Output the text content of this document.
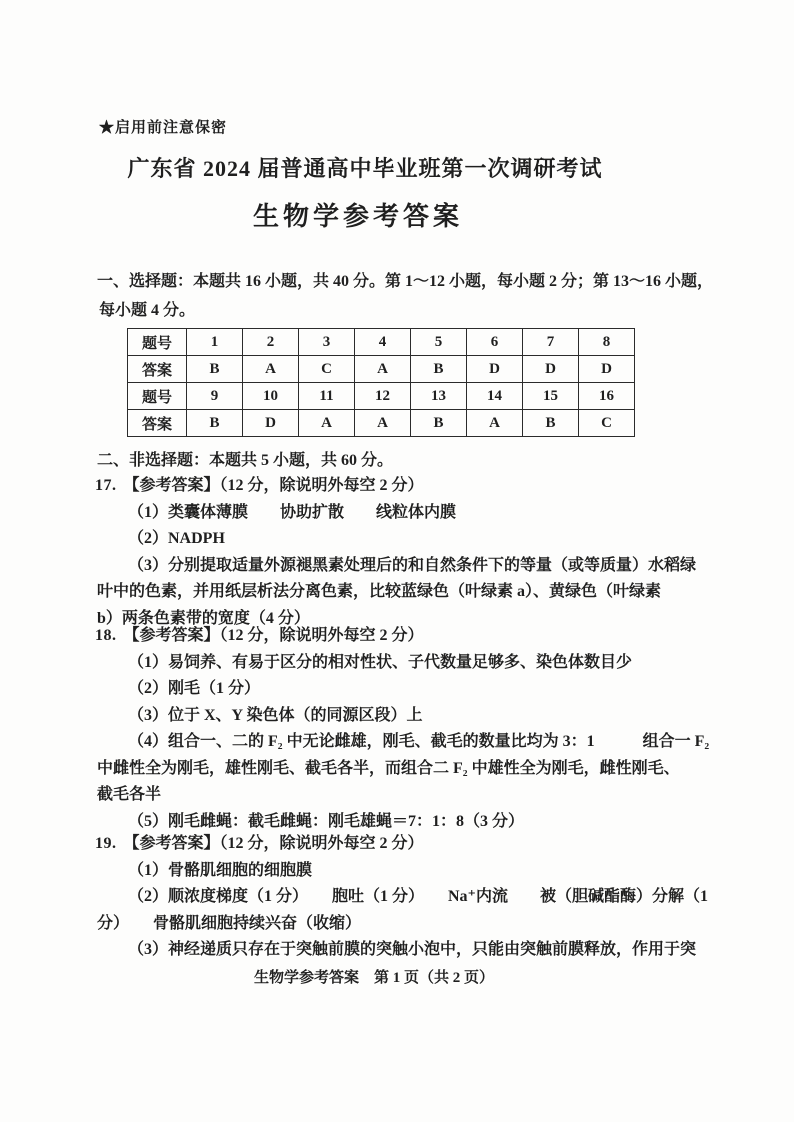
★启用前注意保密
广东省 2024 届普通高中毕业班第一次调研考试
生物学参考答案
一、选择题：本题共 16 小题，共 40 分。第 1～12 小题，每小题 2 分；第 13～16 小题，
每小题 4 分。
题号	1	2	3	4	5	6	7	8
答案	B	A	C	A	B	D	D	D
题号	9	10	11	12	13	14	15	16
答案	B	D	A	A	B	A	B	C
二、非选择题：本题共 5 小题，共 60 分。
17. 【参考答案】（12 分，除说明外每空 2 分）
（1）类囊体薄膜　　协助扩散　　线粒体内膜
（2）NADPH
（3）分别提取适量外源褪黑素处理后的和自然条件下的等量（或等质量）水稻绿
叶中的色素，并用纸层析法分离色素，比较蓝绿色（叶绿素 a）、黄绿色（叶绿素
b）两条色素带的宽度（4 分）
18. 【参考答案】（12 分，除说明外每空 2 分）
（1）易饲养、有易于区分的相对性状、子代数量足够多、染色体数目少
（2）刚毛（1 分）
（3）位于 X、Y 染色体（的同源区段）上
（4）组合一、二的 F₂ 中无论雌雄，刚毛、截毛的数量比均为 3：1　　　组合一 F₂
中雌性全为刚毛，雄性刚毛、截毛各半，而组合二 F₂ 中雄性全为刚毛，雌性刚毛、
截毛各半
（5）刚毛雌蝇：截毛雌蝇：刚毛雄蝇＝7：1：8（3 分）
19. 【参考答案】（12 分，除说明外每空 2 分）
（1）骨骼肌细胞的细胞膜
（2）顺浓度梯度（1 分）　　胞吐（1 分）　　Na⁺内流　　被（胆碱酯酶）分解（1
分）　　骨骼肌细胞持续兴奋（收缩）
（3）神经递质只存在于突触前膜的突触小泡中，只能由突触前膜释放，作用于突
生物学参考答案　第 1 页（共 2 页）
